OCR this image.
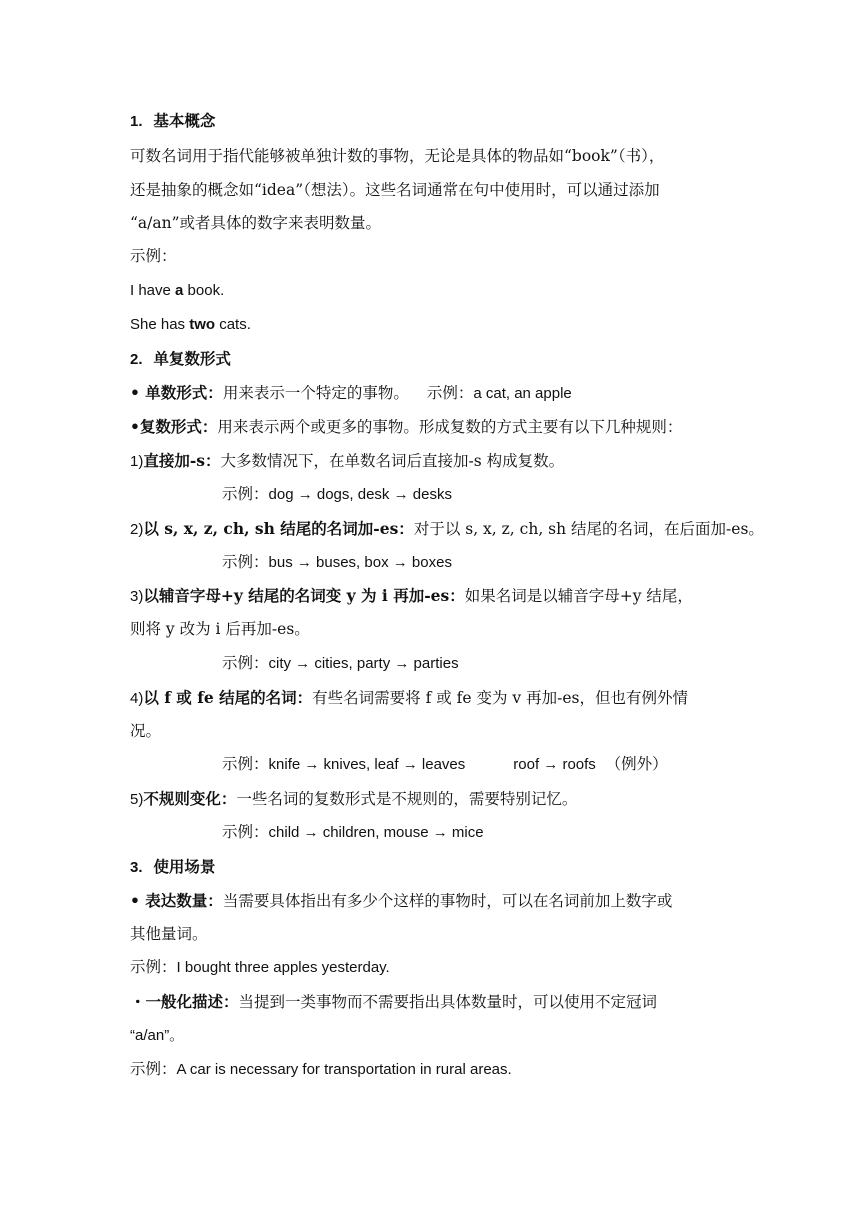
1. 基本概念
可数名词用于指代能够被单独计数的事物，无论是具体的物品如“book”（书），
还是抽象的概念如“idea”（想法）。这些名词通常在句中使用时，可以通过添加
“a/an”或者具体的数字来表明数量。
示例：
I have a book.
She has two cats.
2. 单复数形式
• 单数形式：用来表示一个特定的事物。 示例：a cat, an apple
•复数形式：用来表示两个或更多的事物。形成复数的方式主要有以下几种规则：
1)直接加-s：大多数情况下，在单数名词后直接加-s 构成复数。
示例：dog → dogs, desk → desks
2)以 s, x, z, ch, sh 结尾的名词加-es：对于以 s, x, z, ch, sh 结尾的名词，在后面加-es。
示例：bus → buses, box → boxes
3)以辅音字母+y 结尾的名词变 y 为 i 再加-es：如果名词是以辅音字母+y 结尾，
则将 y 改为 i 后再加-es。
示例：city → cities, party → parties
4)以 f 或 fe 结尾的名词：有些名词需要将 f 或 fe 变为 v 再加-es，但也有例外情
况。
示例：knife → knives, leaf → leaves	roof → roofs （例外）
5)不规则变化：一些名词的复数形式是不规则的，需要特别记忆。
示例：child → children, mouse → mice
3. 使用场景
• 表达数量：当需要具体指出有多少个这样的事物时，可以在名词前加上数字或
其他量词。
示例：I bought three apples yesterday.
・一般化描述：当提到一类事物而不需要指出具体数量时，可以使用不定冠词
“a/an”。
示例：A car is necessary for transportation in rural areas.
